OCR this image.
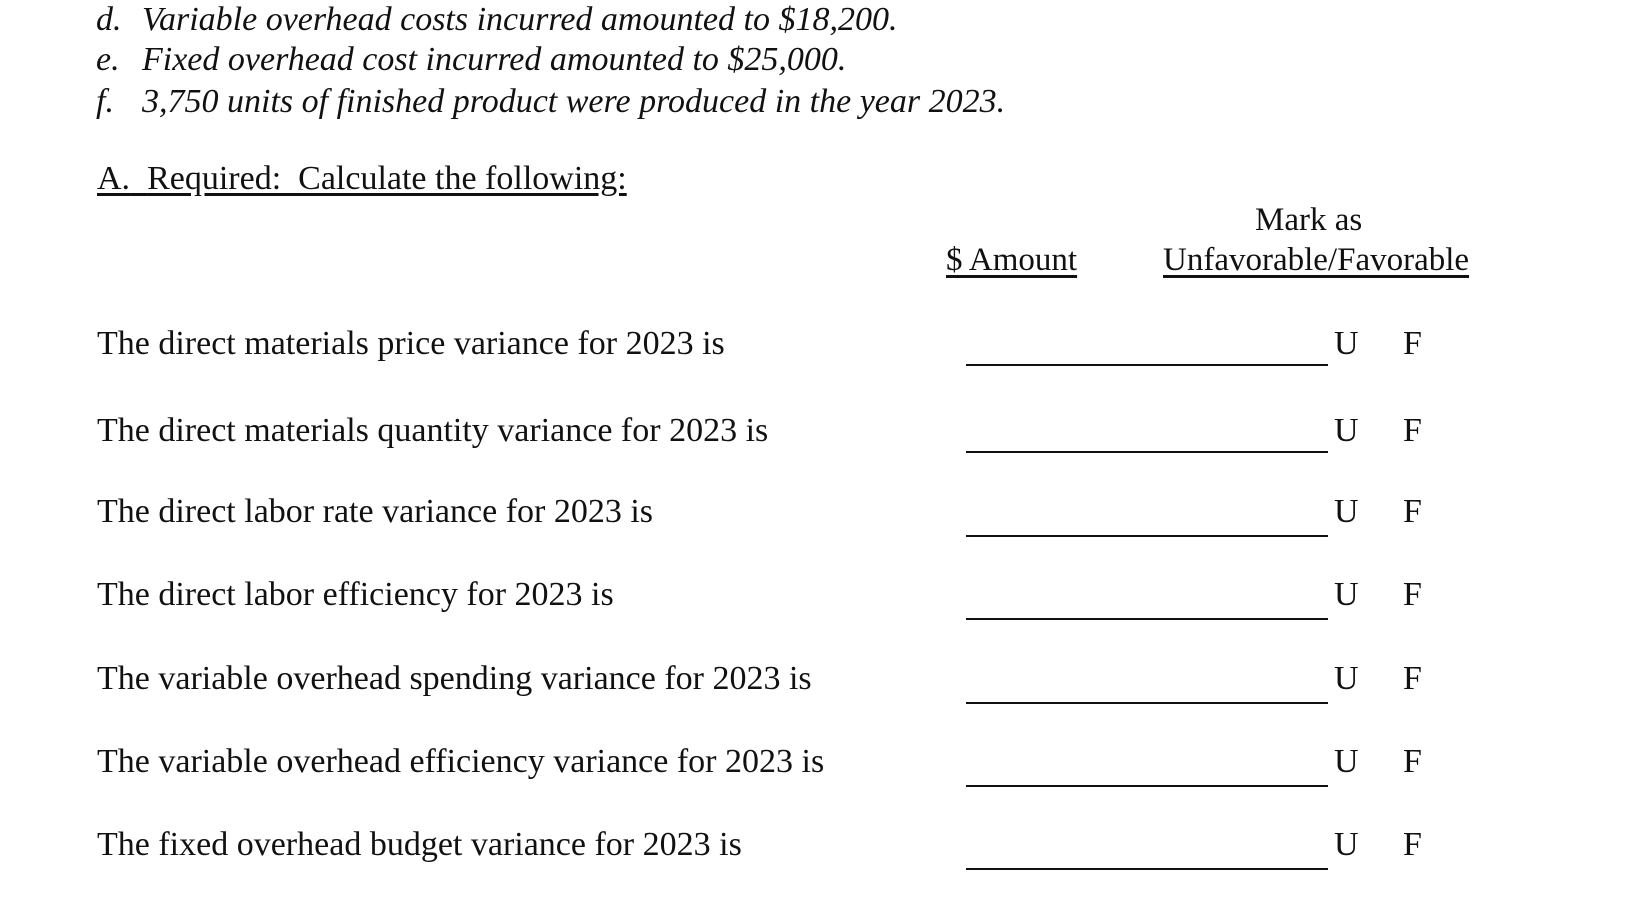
d. Variable overhead costs incurred amounted to $18,200.
e. Fixed overhead cost incurred amounted to $25,000.
f. 3,750 units of finished product were produced in the year 2023.
A. Required:  Calculate the following:
Mark as
$ Amount	Unfavorable/Favorable
The direct materials price variance for 2023 is	U F
The direct materials quantity variance for 2023 is	U F
The direct labor rate variance for 2023 is	U F
The direct labor efficiency for 2023 is	U F
The variable overhead spending variance for 2023 is	U F
The variable overhead efficiency variance for 2023 is	U F
The fixed overhead budget variance for 2023 is	U F
